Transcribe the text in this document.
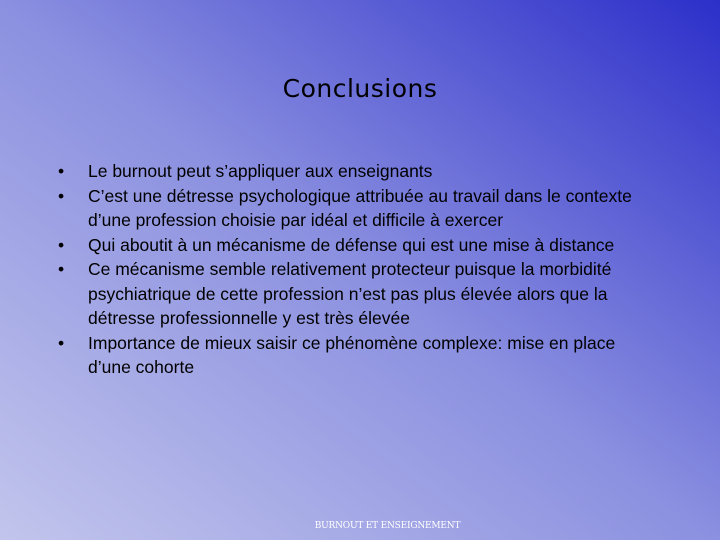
Conclusions
• Le burnout peut s’appliquer aux enseignants
• C’est une détresse psychologique attribuée au travail dans le contexte d’une profession choisie par idéal et difficile à exercer
• Qui aboutit à un mécanisme de défense qui est une mise à distance
• Ce mécanisme semble relativement protecteur puisque la morbidité psychiatrique de cette profession n’est pas plus élevée alors que la détresse professionnelle y est très élevée
• Importance de mieux saisir ce phénomène complexe: mise en place d’une cohorte
BURNOUT ET ENSEIGNEMENT
